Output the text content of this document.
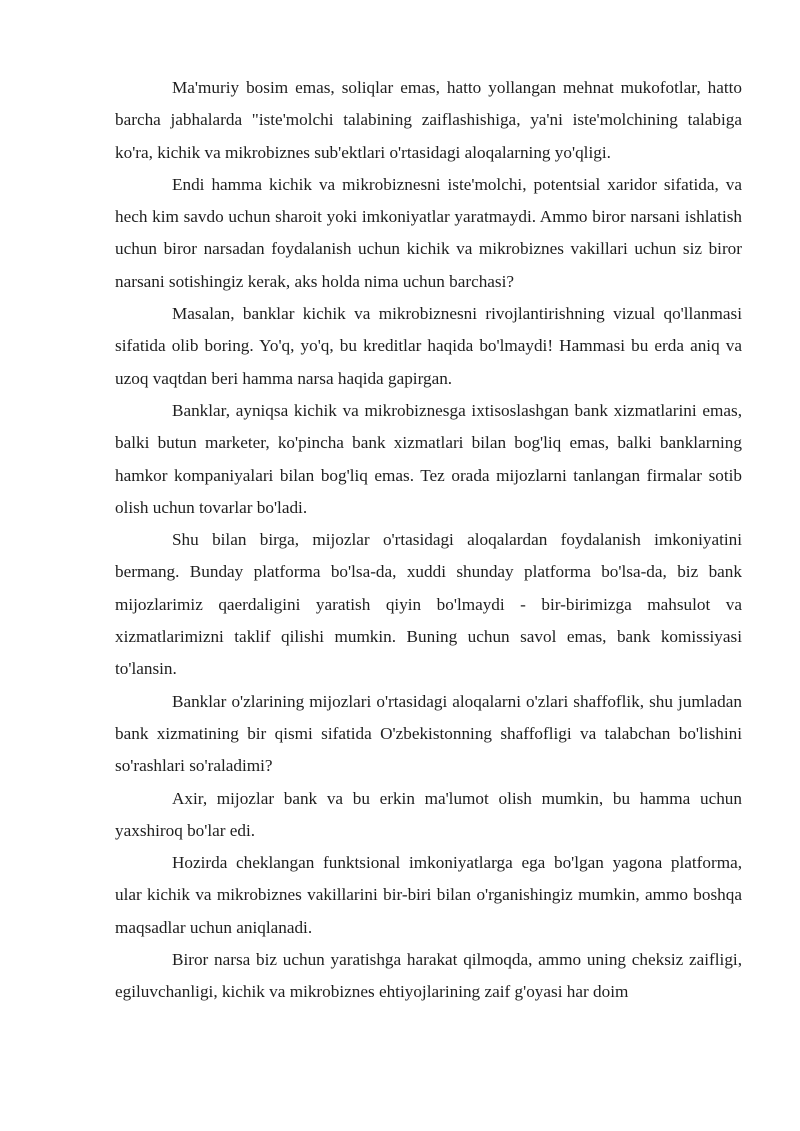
Ma'muriy bosim emas, soliqlar emas, hatto yollangan mehnat mukofotlar, hatto barcha jabhalarda "iste'molchi talabining zaiflashishiga, ya'ni iste'molchining talabiga ko'ra, kichik va mikrobiznes sub'ektlari o'rtasidagi aloqalarning yo'qligi.

Endi hamma kichik va mikrobiznesni iste'molchi, potentsial xaridor sifatida, va hech kim savdo uchun sharoit yoki imkoniyatlar yaratmaydi. Ammo biror narsani ishlatish uchun biror narsadan foydalanish uchun kichik va mikrobiznes vakillari uchun siz biror narsani sotishingiz kerak, aks holda nima uchun barchasi?

Masalan, banklar kichik va mikrobiznesni rivojlantirishning vizual qo'llanmasi sifatida olib boring. Yo'q, yo'q, bu kreditlar haqida bo'lmaydi! Hammasi bu erda aniq va uzoq vaqtdan beri hamma narsa haqida gapirgan.

Banklar, ayniqsa kichik va mikrobiznesga ixtisoslashgan bank xizmatlarini emas, balki butun marketer, ko'pincha bank xizmatlari bilan bog'liq emas, balki banklarning hamkor kompaniyalari bilan bog'liq emas. Tez orada mijozlarni tanlangan firmalar sotib olish uchun tovarlar bo'ladi.

Shu bilan birga, mijozlar o'rtasidagi aloqalardan foydalanish imkoniyatini bermang. Bunday platforma bo'lsa-da, xuddi shunday platforma bo'lsa-da, biz bank mijozlarimiz qaerdaligini yaratish qiyin bo'lmaydi - bir-birimizga mahsulot va xizmatlarimizni taklif qilishi mumkin. Buning uchun savol emas, bank komissiyasi to'lansin.

Banklar o'zlarining mijozlari o'rtasidagi aloqalarni o'zlari shaffoflik, shu jumladan bank xizmatining bir qismi sifatida O'zbekistonning shaffofligi va talabchan bo'lishini so'rashlari so'raladimi?

Axir, mijozlar bank va bu erkin ma'lumot olish mumkin, bu hamma uchun yaxshiroq bo'lar edi.

Hozirda cheklangan funktsional imkoniyatlarga ega bo'lgan yagona platforma, ular kichik va mikrobiznes vakillarini bir-biri bilan o'rganishingiz mumkin, ammo boshqa maqsadlar uchun aniqlanadi.

Biror narsa biz uchun yaratishga harakat qilmoqda, ammo uning cheksiz zaifligi, egiluvchanligi, kichik va mikrobiznes ehtiyojlarining zaif g'oyasi har doim
